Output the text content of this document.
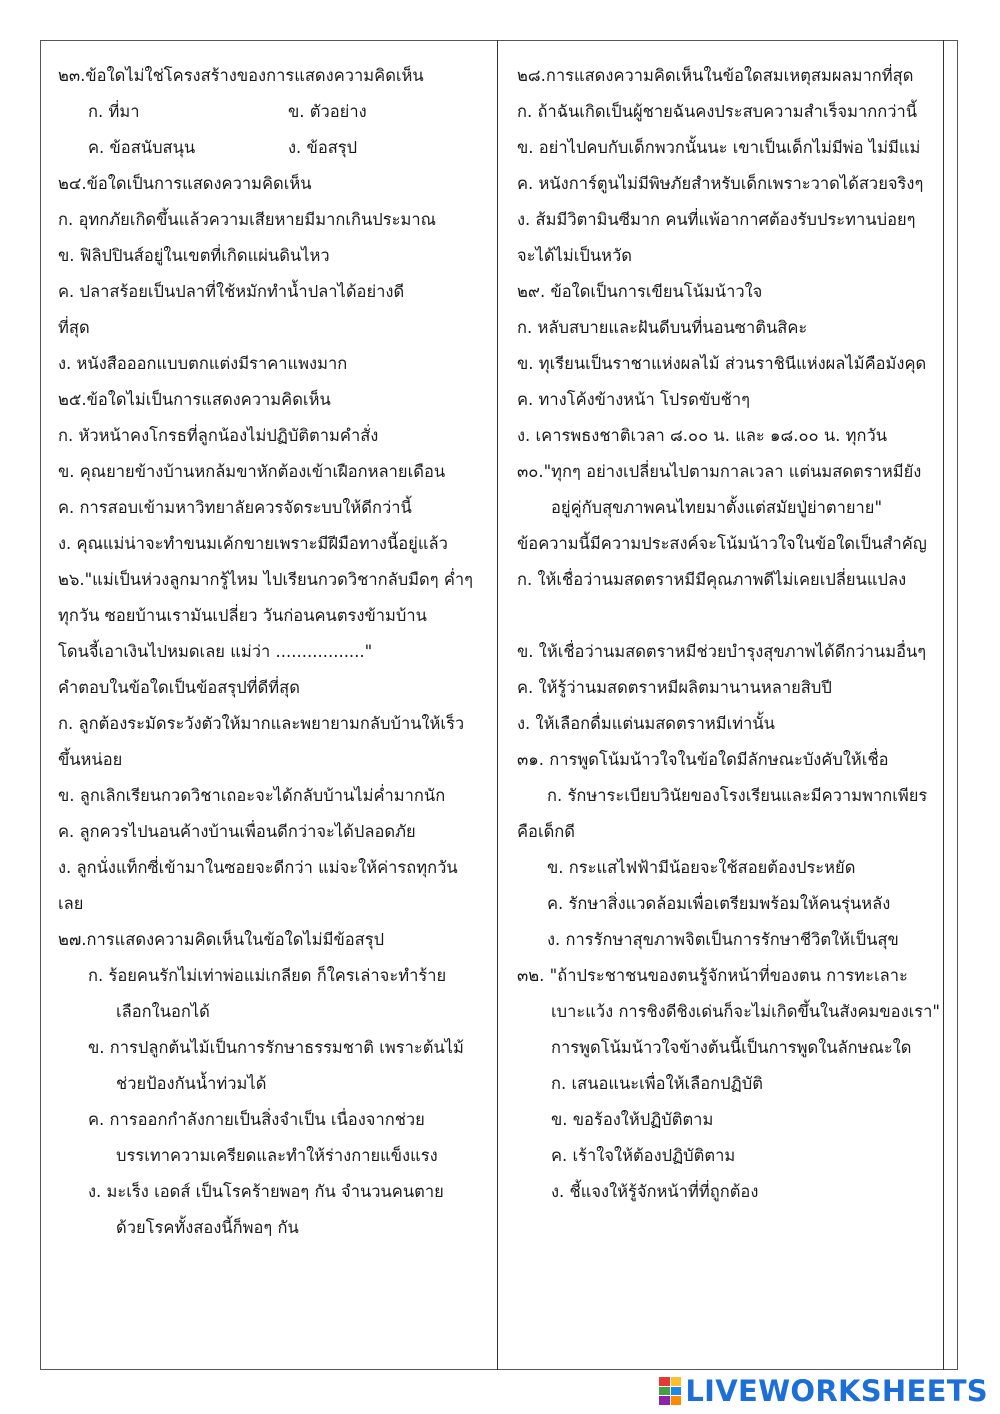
๒๓.ข้อใดไม่ใช่โครงสร้างของการแสดงความคิดเห็น
ก. ที่มา	ข. ตัวอย่าง
ค. ข้อสนับสนุน	ง. ข้อสรุป
๒๔.ข้อใดเป็นการแสดงความคิดเห็น
ก. อุทกภัยเกิดขึ้นแล้วความเสียหายมีมากเกินประมาณ
ข. ฟิลิปปินส์อยู่ในเขตที่เกิดแผ่นดินไหว
ค. ปลาสร้อยเป็นปลาที่ใช้หมักทำน้ำปลาได้อย่างดี
ที่สุด
ง. หนังสือออกแบบตกแต่งมีราคาแพงมาก
๒๕.ข้อใดไม่เป็นการแสดงความคิดเห็น
ก. หัวหน้าคงโกรธที่ลูกน้องไม่ปฏิบัติตามคำสั่ง
ข. คุณยายข้างบ้านหกล้มขาหักต้องเข้าเฝือกหลายเดือน
ค. การสอบเข้ามหาวิทยาลัยควรจัดระบบให้ดีกว่านี้
ง. คุณแม่น่าจะทำขนมเค้กขายเพราะมีฝีมือทางนี้อยู่แล้ว
๒๖."แม่เป็นห่วงลูกมากรู้ไหม ไปเรียนกวดวิชากลับมืดๆ ค่ำๆ
ทุกวัน ซอยบ้านเรามันเปลี่ยว วันก่อนคนตรงข้ามบ้าน
โดนจี้เอาเงินไปหมดเลย แม่ว่า ................."
คำตอบในข้อใดเป็นข้อสรุปที่ดีที่สุด
ก. ลูกต้องระมัดระวังตัวให้มากและพยายามกลับบ้านให้เร็ว
ขึ้นหน่อย
ข. ลูกเลิกเรียนกวดวิชาเถอะจะได้กลับบ้านไม่ค่ำมากนัก
ค. ลูกควรไปนอนค้างบ้านเพื่อนดีกว่าจะได้ปลอดภัย
ง. ลูกนั่งแท็กซี่เข้ามาในซอยจะดีกว่า แม่จะให้ค่ารถทุกวัน
เลย
๒๗.การแสดงความคิดเห็นในข้อใดไม่มีข้อสรุป
ก. ร้อยคนรักไม่เท่าพ่อแม่เกลียด ก็ใครเล่าจะทำร้าย
เลือกในอกได้
ข. การปลูกต้นไม้เป็นการรักษาธรรมชาติ เพราะต้นไม้
ช่วยป้องกันน้ำท่วมได้
ค. การออกกำลังกายเป็นสิ่งจำเป็น เนื่องจากช่วย
บรรเทาความเครียดและทำให้ร่างกายแข็งแรง
ง. มะเร็ง เอดส์ เป็นโรคร้ายพอๆ กัน จำนวนคนตาย
ด้วยโรคทั้งสองนี้ก็พอๆ กัน
๒๘.การแสดงความคิดเห็นในข้อใดสมเหตุสมผลมากที่สุด
ก. ถ้าฉันเกิดเป็นผู้ชายฉันคงประสบความสำเร็จมากกว่านี้
ข. อย่าไปคบกับเด็กพวกนั้นนะ เขาเป็นเด็กไม่มีพ่อ ไม่มีแม่
ค. หนังการ์ตูนไม่มีพิษภัยสำหรับเด็กเพราะวาดได้สวยจริงๆ
ง. ส้มมีวิตามินซีมาก คนที่แพ้อากาศต้องรับประทานบ่อยๆ
จะได้ไม่เป็นหวัด
๒๙. ข้อใดเป็นการเขียนโน้มน้าวใจ
ก. หลับสบายและฝันดีบนที่นอนซาตินสิคะ
ข. ทุเรียนเป็นราชาแห่งผลไม้ ส่วนราชินีแห่งผลไม้คือมังคุด
ค. ทางโค้งข้างหน้า โปรดขับช้าๆ
ง. เคารพธงชาติเวลา ๘.๐๐ น. และ ๑๘.๐๐ น. ทุกวัน
๓๐."ทุกๆ อย่างเปลี่ยนไปตามกาลเวลา แต่นมสดตราหมียัง
อยู่คู่กับสุขภาพคนไทยมาตั้งแต่สมัยปู่ย่าตายาย"
ข้อความนี้มีความประสงค์จะโน้มน้าวใจในข้อใดเป็นสำคัญ
ก. ให้เชื่อว่านมสดตราหมีมีคุณภาพดีไม่เคยเปลี่ยนแปลง
ข. ให้เชื่อว่านมสดตราหมีช่วยบำรุงสุขภาพได้ดีกว่านมอื่นๆ
ค. ให้รู้ว่านมสดตราหมีผลิตมานานหลายสิบปี
ง. ให้เลือกดื่มแต่นมสดตราหมีเท่านั้น
๓๑. การพูดโน้มน้าวใจในข้อใดมีลักษณะบังคับให้เชื่อ
ก. รักษาระเบียบวินัยของโรงเรียนและมีความพากเพียร
คือเด็กดี
ข. กระแสไฟฟ้ามีน้อยจะใช้สอยต้องประหยัด
ค. รักษาสิ่งแวดล้อมเพื่อเตรียมพร้อมให้คนรุ่นหลัง
ง. การรักษาสุขภาพจิตเป็นการรักษาชีวิตให้เป็นสุข
๓๒. "ถ้าประชาชนของตนรู้จักหน้าที่ของตน การทะเลาะ
เบาะแว้ง การชิงดีชิงเด่นก็จะไม่เกิดขึ้นในสังคมของเรา"
การพูดโน้มน้าวใจข้างต้นนี้เป็นการพูดในลักษณะใด
ก. เสนอแนะเพื่อให้เลือกปฏิบัติ
ข. ขอร้องให้ปฏิบัติตาม
ค. เร้าใจให้ต้องปฏิบัติตาม
ง. ชี้แจงให้รู้จักหน้าที่ที่ถูกต้อง
LIVEWORKSHEETS
